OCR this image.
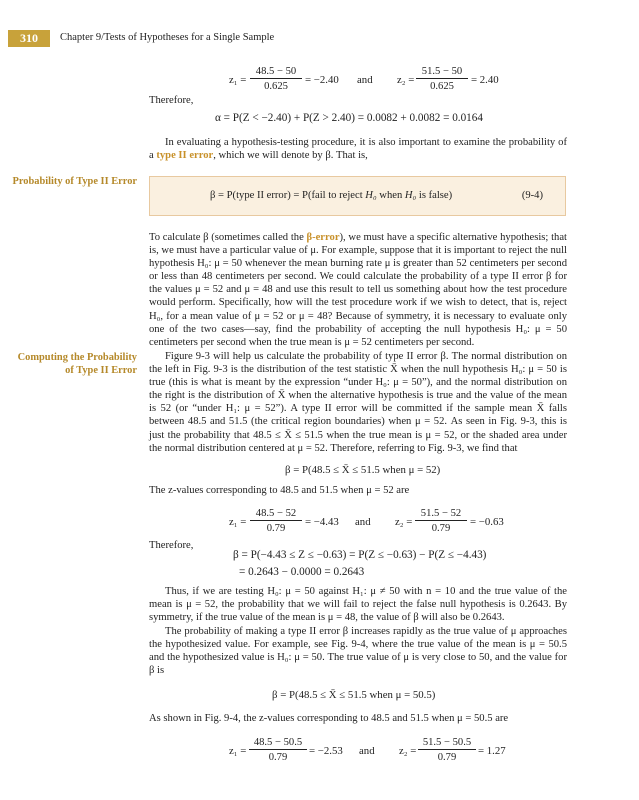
310	Chapter 9/Tests of Hypotheses for a Single Sample
$z_1 = \frac{48.5 - 50}{0.625} = -2.40$ and $z_2 = \frac{51.5 - 50}{0.625} = 2.40$
Therefore,
α = P(Z < −2.40) + P(Z > 2.40) = 0.0082 + 0.0082 = 0.0164

In evaluating a hypothesis-testing procedure, it is also important to examine the probability of a type II error, which we will denote by β. That is,

Probability of Type II Error
β = P(type II error) = P(fail to reject H₀ when H₀ is false)	(9-4)

To calculate β (sometimes called the β-error), we must have a specific alternative hypothesis; that is, we must have a particular value of μ. For example, suppose that it is important to reject the null hypothesis H₀: μ = 50 whenever the mean burning rate μ is greater than 52 centimeters per second or less than 48 centimeters per second. We could calculate the probability of a type II error β for the values μ = 52 and μ = 48 and use this result to tell us something about how the test procedure would perform. Specifically, how will the test procedure work if we wish to detect, that is, reject H₀, for a mean value of μ = 52 or μ = 48? Because of symmetry, it is necessary to evaluate only one of the two cases—say, find the probability of accepting the null hypothesis H₀: μ = 50 centimeters per second when the true mean is μ = 52 centimeters per second.

Computing the Probability of Type II Error

Figure 9-3 will help us calculate the probability of type II error β. The normal distribution on the left in Fig. 9-3 is the distribution of the test statistic X̄ when the null hypothesis H₀: μ = 50 is true (this is what is meant by the expression “under H₀: μ = 50”), and the normal distribution on the right is the distribution of X̄ when the alternative hypothesis is true and the value of the mean is 52 (or “under H₁: μ = 52”). A type II error will be committed if the sample mean X̄ falls between 48.5 and 51.5 (the critical region boundaries) when μ = 52. As seen in Fig. 9-3, this is just the probability that 48.5 ≤ X̄ ≤ 51.5 when the true mean is μ = 52, or the shaded area under the normal distribution centered at μ = 52. Therefore, referring to Fig. 9-3, we find that

β = P(48.5 ≤ X̄ ≤ 51.5 when μ = 52)
The z-values corresponding to 48.5 and 51.5 when μ = 52 are
$z_1 = \frac{48.5 - 52}{0.79} = -4.43$ and $z_2 = \frac{51.5 - 52}{0.79} = -0.63$
Therefore,
β = P(−4.43 ≤ Z ≤ −0.63) = P(Z ≤ −0.63) − P(Z ≤ −4.43)
= 0.2643 − 0.0000 = 0.2643

Thus, if we are testing H₀: μ = 50 against H₁: μ ≠ 50 with n = 10 and the true value of the mean is μ = 52, the probability that we will fail to reject the false null hypothesis is 0.2643. By symmetry, if the true value of the mean is μ = 48, the value of β will also be 0.2643.

The probability of making a type II error β increases rapidly as the true value of μ approaches the hypothesized value. For example, see Fig. 9-4, where the true value of the mean is μ = 50.5 and the hypothesized value is H₀: μ = 50. The true value of μ is very close to 50, and the value for β is

β = P(48.5 ≤ X̄ ≤ 51.5 when μ = 50.5)
As shown in Fig. 9-4, the z-values corresponding to 48.5 and 51.5 when μ = 50.5 are
$z_1 = \frac{48.5 - 50.5}{0.79} = -2.53$ and $z_2 = \frac{51.5 - 50.5}{0.79} = 1.27$
